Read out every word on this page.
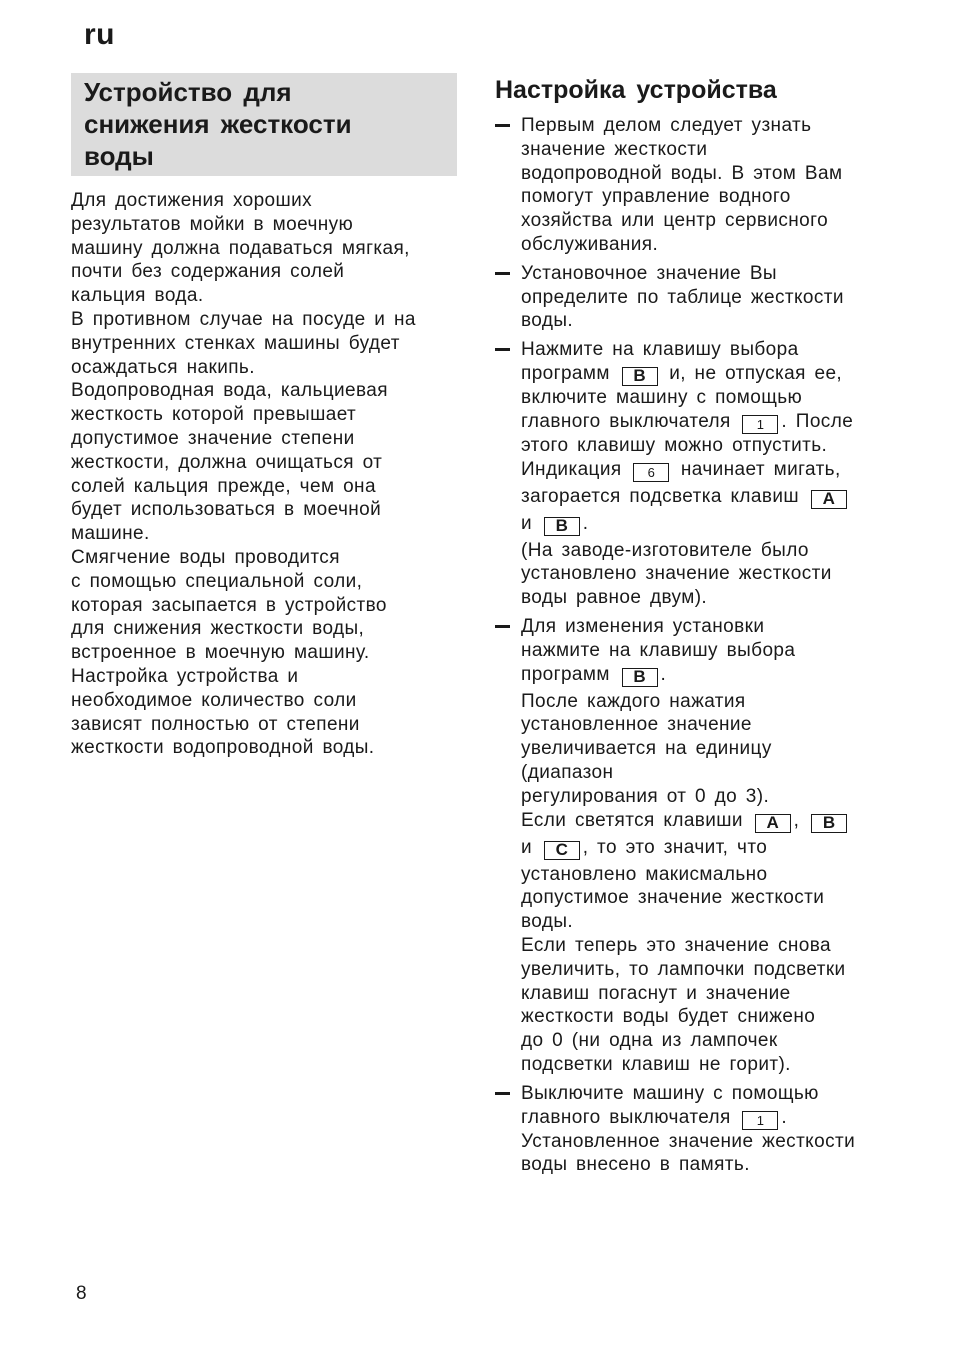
ru
Устройство для
снижения жесткости
воды

Для достижения хороших

результатов мойки в моечную

машину должна подаваться мягкая,

почти без содержания солей

кальция вода.

В противном случае на посуде и на

внутренних стенках машины будет

осаждаться накипь.

Водопроводная вода, кальциевая

жесткость которой превышает

допустимое значение степени

жесткости, должна очищаться от

солей кальция прежде, чем она

будет использоваться в моечной

машине.

Смягчение воды проводится

с помощью специальной соли,

которая засыпается в устройство

для снижения жесткости воды,

встроенное в моечную машину.

Настройка устройства и

необходимое количество соли

зависят полностью от степени

жесткости водопроводной воды.

Настройка устройства

Первым делом следует узнать

значение жесткости

водопроводной воды. В этом Вам

помогут управление водного

хозяйства или центр сервисного

обслуживания.

Установочное значение Вы

определите по таблице жесткости

воды.

Нажмите на клавишу выбора

программ B и, не отпуская ее,

включите машину с помощью

главного выключателя 1 . После

этого клавишу можно отпустить.

Индикация 6 начинает мигать,

загорается подсветка клавиш A

и B .

(На заводе-изготовителе было

установлено значение жесткости

воды равное двум).

Для изменения установки

нажмите на клавишу выбора

программ B .

После каждого нажатия

установленное значение

увеличивается на единицу

(диапазон

регулирования от 0 до 3).

Если светятся клавиши A , B

и C , то это значит, что

установлено макисмально

допустимое значение жесткости

воды.

Если теперь это значение снова

увеличить, то лампочки подсветки

клавиш погаснут и значение

жесткости воды будет снижено

до 0 (ни одна из лампочек

подсветки клавиш не горит).

Выключите машину с помощью

главного выключателя 1 .

Установленное значение жесткости

воды внесено в память.

8
